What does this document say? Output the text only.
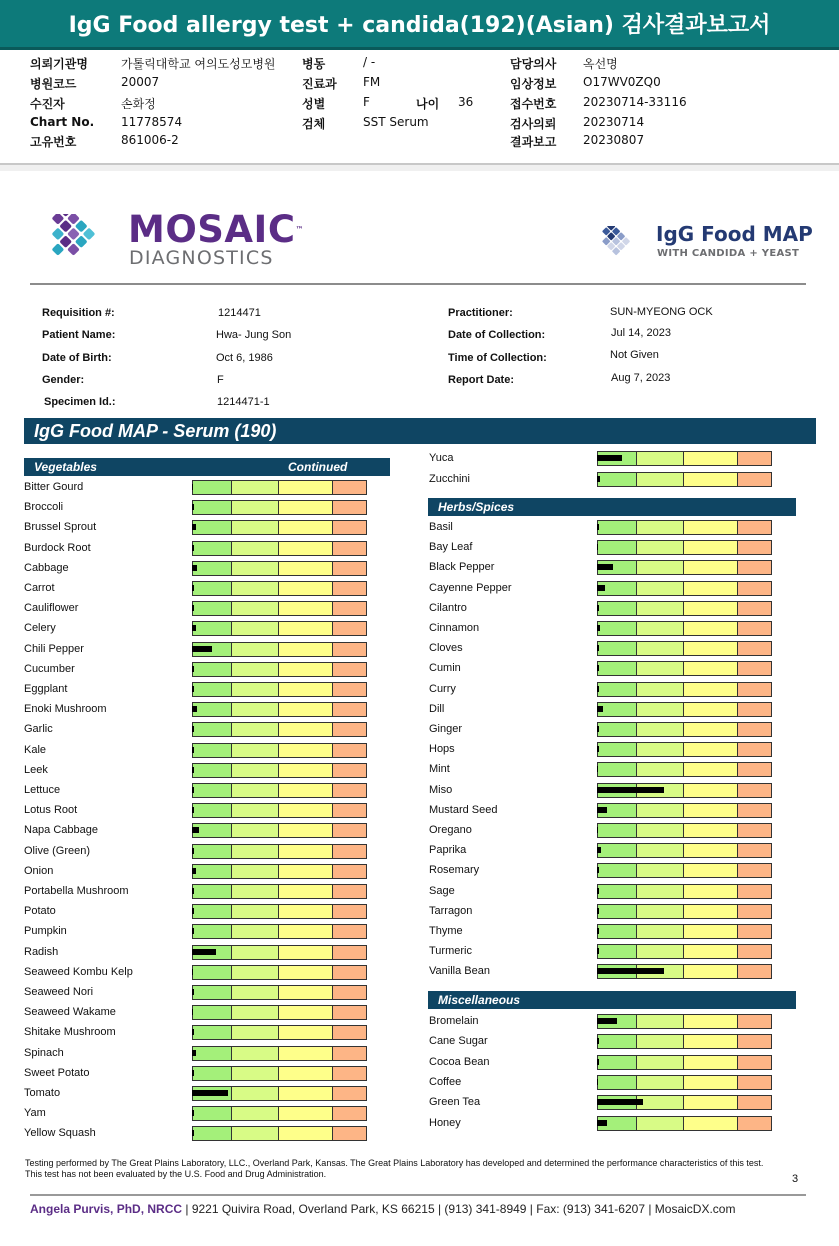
IgG Food allergy test + candida(192)(Asian) 검사결과보고서
의뢰기관명	가톨릭대학교 여의도성모병원 병동	/ -	담당의사 옥선명
병원코드	20007	진료과 FM	임상정보 O17WV0ZQ0
수진자	손화정	성별	F	나이 36	접수번호 20230714-33116
Chart No. 11778574	검체	SST Serum	검사의뢰 20230714
고유번호	861006-2	결과보고 20230807
MOSAIC™
DIAGNOSTICS
IgG Food MAP
WITH CANDIDA + YEAST
Requisition #:	1214471
Patient Name:	Hwa- Jung Son
Date of Birth:	Oct 6, 1986
Gender:	F
Specimen Id.:	1214471-1
Practitioner:	SUN-MYEONG OCK
Date of Collection:	Jul 14, 2023
Time of Collection:	Not Given
Report Date:	Aug 7, 2023
IgG Food MAP - Serum (190)
Vegetables	Continued
Bitter Gourd
Broccoli
Brussel Sprout
Burdock Root
Cabbage
Carrot
Cauliflower
Celery
Chili Pepper
Cucumber
Eggplant
Enoki Mushroom
Garlic
Kale
Leek
Lettuce
Lotus Root
Napa Cabbage
Olive (Green)
Onion
Portabella Mushroom
Potato
Pumpkin
Radish
Seaweed Kombu Kelp
Seaweed Nori
Seaweed Wakame
Shitake Mushroom
Spinach
Sweet Potato
Tomato
Yam
Yellow Squash
Yuca
Zucchini
Herbs/Spices
Basil
Bay Leaf
Black Pepper
Cayenne Pepper
Cilantro
Cinnamon
Cloves
Cumin
Curry
Dill
Ginger
Hops
Mint
Miso
Mustard Seed
Oregano
Paprika
Rosemary
Sage
Tarragon
Thyme
Turmeric
Vanilla Bean
Miscellaneous
Bromelain
Cane Sugar
Cocoa Bean
Coffee
Green Tea
Honey
Testing performed by The Great Plains Laboratory, LLC., Overland Park, Kansas. The Great Plains Laboratory has developed and determined the performance characteristics of this test. This test has not been evaluated by the U.S. Food and Drug Administration.	3
Angela Purvis, PhD, NRCC | 9221 Quivira Road, Overland Park, KS 66215 | (913) 341-8949 | Fax: (913) 341-6207 | MosaicDX.com
